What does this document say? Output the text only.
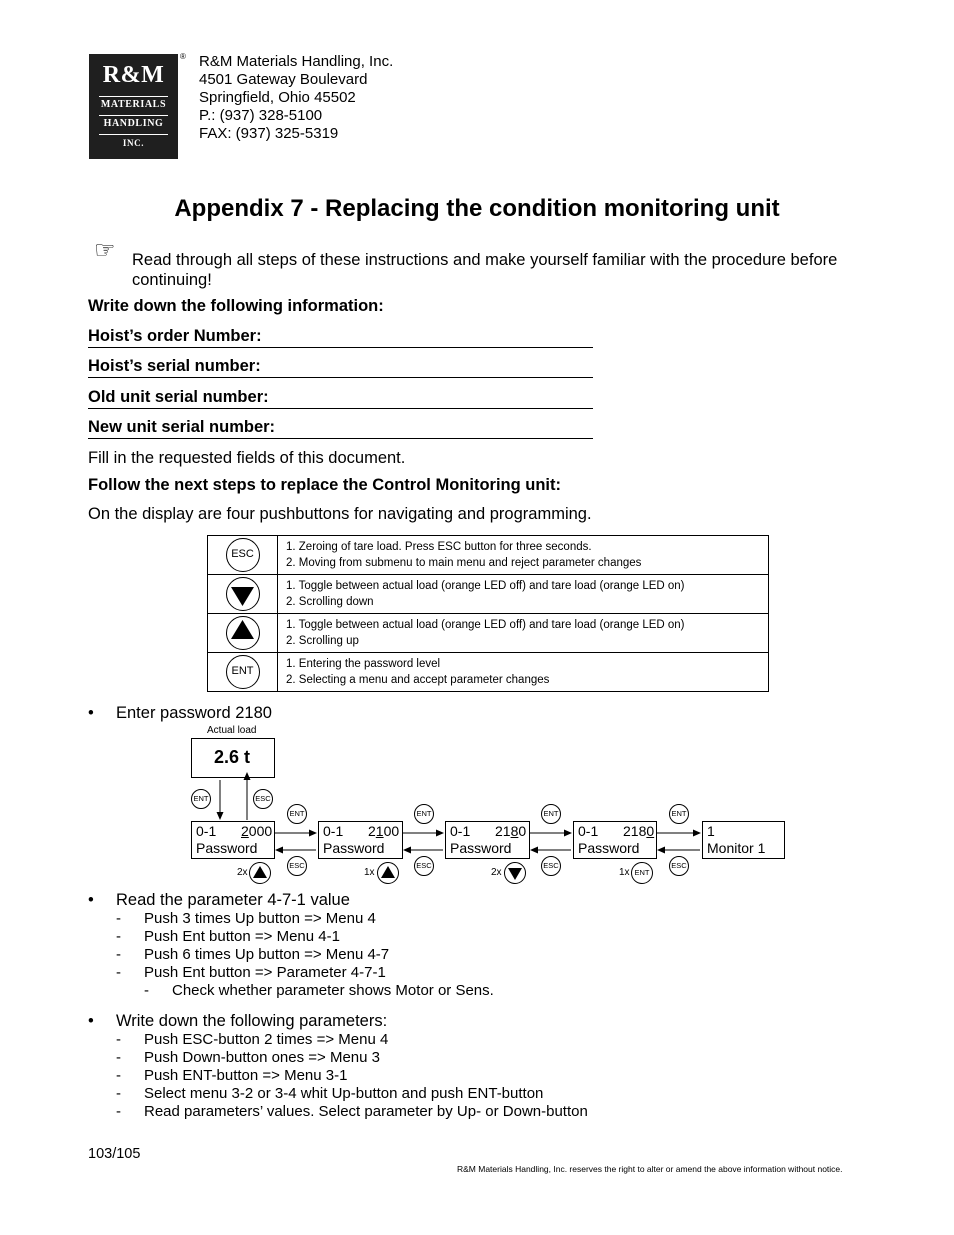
R&M
MATERIALS
HANDLING
INC.
® R&M Materials Handling, Inc.
4501 Gateway Boulevard
Springfield, Ohio 45502
P.: (937) 328-5100
FAX: (937) 325-5319
Appendix 7 - Replacing the condition monitoring unit
☞ Read through all steps of these instructions and make yourself familiar with the procedure before continuing!
Write down the following information:
Hoist’s order Number:
Hoist’s serial number:
Old unit serial number:
New unit serial number:
Fill in the requested fields of this document.
Follow the next steps to replace the Control Monitoring unit:
On the display are four pushbuttons for navigating and programming.
ESC	1. Zeroing of tare load. Press ESC button for three seconds.
2. Moving from submenu to main menu and reject parameter changes

1. Toggle between actual load (orange LED off) and tare load (orange LED on)
2. Scrolling down

1. Toggle between actual load (orange LED off) and tare load (orange LED on)
2. Scrolling up

ENT	1. Entering the password level
2. Selecting a menu and accept parameter changes
• Enter password 2180
Actual load
2.6 t
ENT	ESC
ENT	ENT	ENT	ENT
ESC	ESC	ESC	ESC
0-1 2000
Password
0-1 2100
Password
0-1 2180
Password
0-1 2180
Password
1
Monitor 1
2x	1x	2x	1x ENT
• Read the parameter 4-7-1 value
- Push 3 times Up button => Menu 4
- Push Ent button => Menu 4-1
- Push 6 times Up button => Menu 4-7
- Push Ent button => Parameter 4-7-1
- Check whether parameter shows Motor or Sens.
• Write down the following parameters:
- Push ESC-button 2 times => Menu 4
- Push Down-button ones => Menu 3
- Push ENT-button => Menu 3-1
- Select menu 3-2 or 3-4 whit Up-button and push ENT-button
- Read parameters’ values. Select parameter by Up- or Down-button
103/105
R&M Materials Handling, Inc. reserves the right to alter or amend the above information without notice.
